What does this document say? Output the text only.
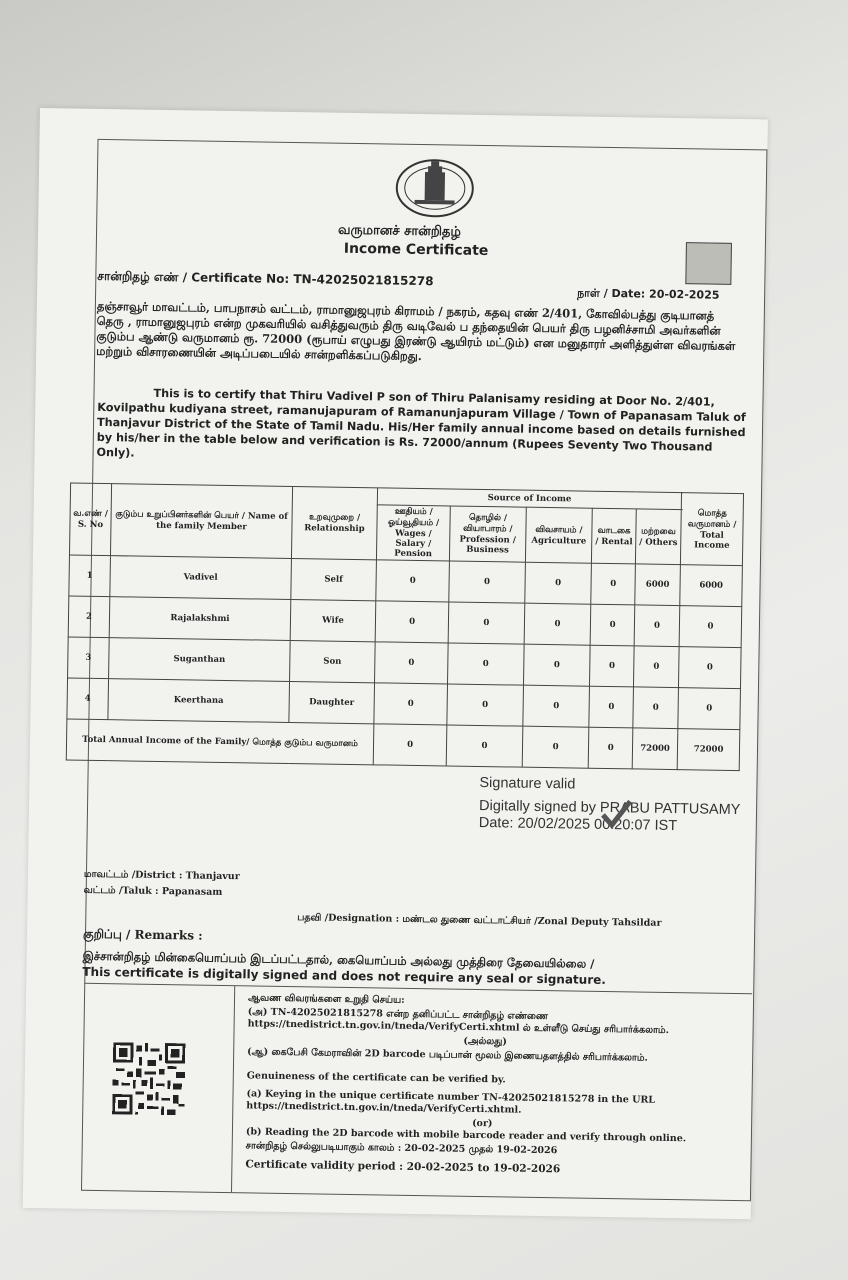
வருமானச் சான்றிதழ்
Income Certificate
சான்றிதழ் எண் / Certificate No: TN-42025021815278
நாள் / Date: 20-02-2025
தஞ்சாவூர் மாவட்டம், பாபநாசம் வட்டம், ராமானுஜபுரம் கிராமம் / நகரம், கதவு எண் 2/401, கோவில்பத்து குடியானத் தெரு , ராமானுஜபுரம் என்ற முகவரியில் வசித்துவரும் திரு வடிவேல் ப தந்தையின் பெயர் திரு பழனிச்சாமி அவர்களின் குடும்ப ஆண்டு வருமானம் ரூ. 72000 (ரூபாய் எழுபது இரண்டு ஆயிரம் மட்டும்) என மனுதாரர் அளித்துள்ள விவரங்கள் மற்றும் விசாரணையின் அடிப்படையில் சான்றளிக்கப்படுகிறது.
This is to certify that Thiru Vadivel P son of Thiru Palanisamy residing at Door No. 2/401, Kovilpathu kudiyana street, ramanujapuram of Ramanunjapuram Village / Town of Papanasam Taluk of Thanjavur District of the State of Tamil Nadu. His/Her family annual income based on details furnished by his/her in the table below and verification is Rs. 72000/annum (Rupees Seventy Two Thousand Only).
வ.எண் / S. No	குடும்ப உறுப்பினர்களின் பெயர் / Name of the family Member	உறவுமுறை / Relationship	Source of Income					மொத்த வருமானம் / Total Income
			ஊதியம் / ஓய்வூதியம் / Wages / Salary / Pension	தொழில் / வியாபாரம் / Profession / Business	விவசாயம் / Agriculture	வாடகை / Rental	மற்றவை / Others	
1	Vadivel	Self	0	0	0	0	6000	6000
2	Rajalakshmi	Wife	0	0	0	0	0	0
3	Suganthan	Son	0	0	0	0	0	0
4	Keerthana	Daughter	0	0	0	0	0	0
Total Annual Income of the Family/ மொத்த குடும்ப வருமானம்			0	0	0	0	72000	72000
Signature valid
Digitally signed by PRABU PATTUSAMY
Date: 20/02/2025 00:20:07 IST
மாவட்டம் /District : Thanjavur
வட்டம் /Taluk : Papanasam
பதவி /Designation : மண்டல துணை வட்டாட்சியர் /Zonal Deputy Tahsildar
குறிப்பு / Remarks :
இச்சான்றிதழ் மின்கையொப்பம் இடப்பட்டதால், கையொப்பம் அல்லது முத்திரை தேவையில்லை /
This certificate is digitally signed and does not require any seal or signature.
ஆவண விவரங்களை உறுதி செய்ய:
(அ) TN-42025021815278 என்ற தனிப்பட்ட சான்றிதழ் எண்ணை https://tnedistrict.tn.gov.in/tneda/VerifyCerti.xhtml ல் உள்ளீடு செய்து சரிபார்க்கலாம்.
(அல்லது)
(ஆ) கைபேசி கேமராவின் 2D barcode படிப்பான் மூலம் இணையதளத்தில் சரிபார்க்கலாம்.
Genuineness of the certificate can be verified by.
(a) Keying in the unique certificate number TN-42025021815278 in the URL https://tnedistrict.tn.gov.in/tneda/VerifyCerti.xhtml.
(or)
(b) Reading the 2D barcode with mobile barcode reader and verify through online.
சான்றிதழ் செல்லுபடியாகும் காலம் : 20-02-2025 முதல் 19-02-2026
Certificate validity period : 20-02-2025 to 19-02-2026
